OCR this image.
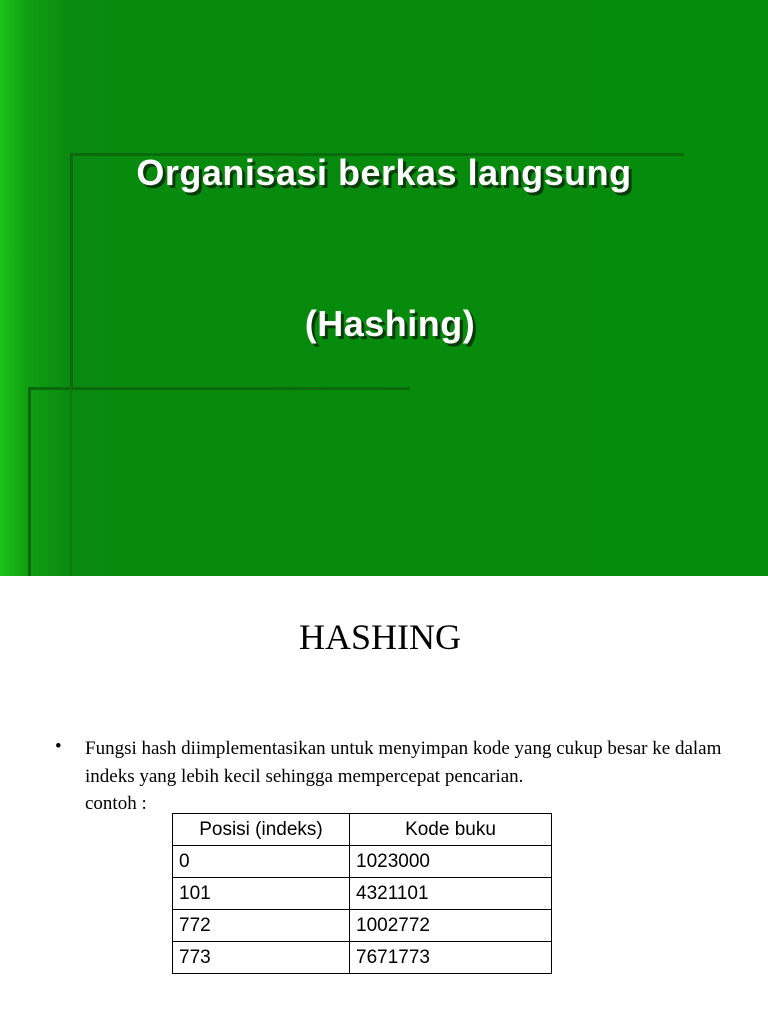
Organisasi berkas langsung
(Hashing)
HASHING
• Fungsi hash diimplementasikan untuk menyimpan kode yang cukup besar ke dalam indeks yang lebih kecil sehingga mempercepat pencarian.
contoh :
Posisi (indeks)	Kode buku
0	1023000
101	4321101
772	1002772
773	7671773
